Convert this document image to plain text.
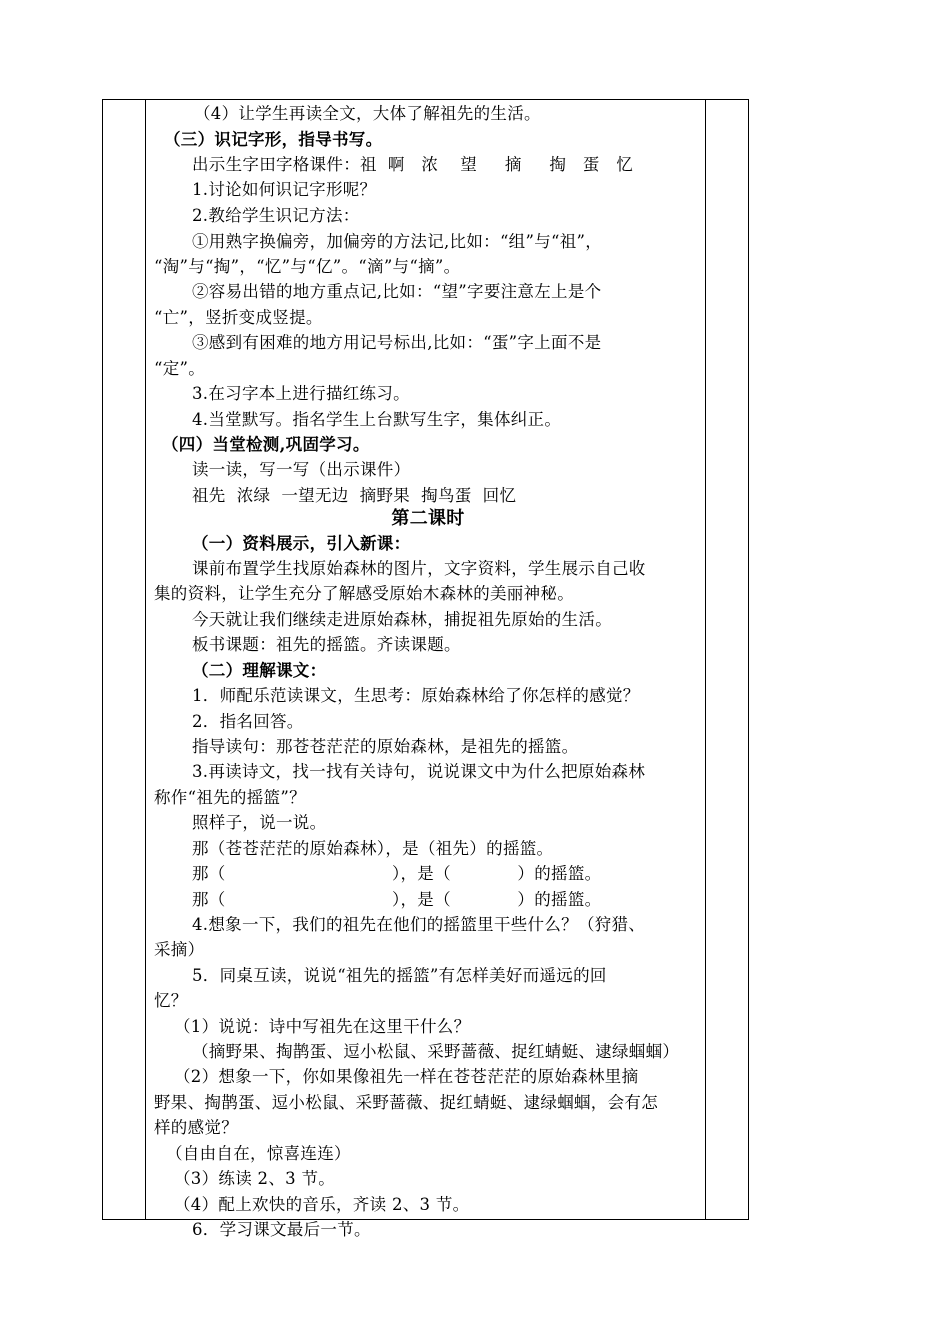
（4）让学生再读全文，大体了解祖先的生活。
（三）识记字形，指导书写。
出示生字田字格课件：祖  啊   浓    望     摘     掏   蛋   忆
1.讨论如何识记字形呢？
2.教给学生识记方法：
①用熟字换偏旁，加偏旁的方法记,比如：“组”与“祖”，
“淘”与“掏”，“忆”与“亿”。“滴”与“摘”。
②容易出错的地方重点记,比如：“望”字要注意左上是个
“亡”，竖折变成竖提。
③感到有困难的地方用记号标出,比如：“蛋”字上面不是
“定”。
3.在习字本上进行描红练习。
4.当堂默写。指名学生上台默写生字，集体纠正。
（四）当堂检测,巩固学习。
读一读，写一写（出示课件）
祖先  浓绿  一望无边  摘野果  掏鸟蛋  回忆
第二课时
（一）资料展示，引入新课：
课前布置学生找原始森林的图片，文字资料，学生展示自己收
集的资料，让学生充分了解感受原始木森林的美丽神秘。
今天就让我们继续走进原始森林，捕捉祖先原始的生活。
板书课题：祖先的摇篮。齐读课题。
（二）理解课文：
1．师配乐范读课文，生思考：原始森林给了你怎样的感觉？
2．指名回答。
指导读句：那苍苍茫茫的原始森林，是祖先的摇篮。
3.再读诗文，找一找有关诗句，说说课文中为什么把原始森林
称作“祖先的摇篮”？
照样子，说一说。
那（苍苍茫茫的原始森林），是（祖先）的摇篮。
那（                              ），是（            ）的摇篮。
那（                              ），是（            ）的摇篮。
4.想象一下，我们的祖先在他们的摇篮里干些什么？（狩猎、
采摘）
5．同桌互读，说说“祖先的摇篮”有怎样美好而遥远的回
忆？
（1）说说：诗中写祖先在这里干什么？
（摘野果、掏鹊蛋、逗小松鼠、采野蔷薇、捉红蜻蜓、逮绿蝈蝈）
（2）想象一下，你如果像祖先一样在苍苍茫茫的原始森林里摘
野果、掏鹊蛋、逗小松鼠、采野蔷薇、捉红蜻蜓、逮绿蝈蝈，会有怎
样的感觉？
（自由自在，惊喜连连）
（3）练读 2、3 节。
（4）配上欢快的音乐，齐读 2、3 节。
6．学习课文最后一节。
